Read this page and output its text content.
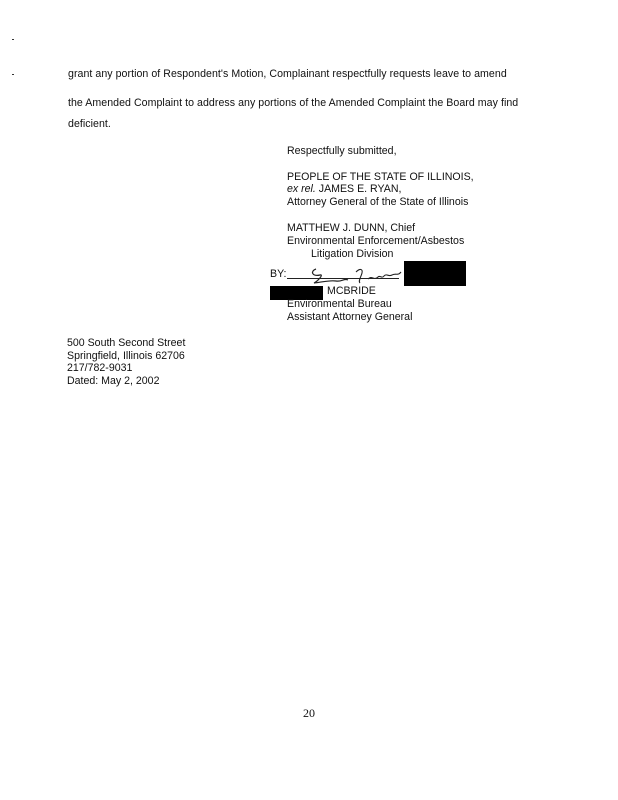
grant any portion of Respondent's Motion, Complainant respectfully requests leave to amend
the Amended Complaint to address any portions of the Amended Complaint the Board may find
deficient.
Respectfully submitted,
PEOPLE OF THE STATE OF ILLINOIS,
ex rel. JAMES E. RYAN,
Attorney General of the State of Illinois
MATTHEW J. DUNN, Chief
Environmental Enforcement/Asbestos
Litigation Division
BY:
MCBRIDE
Environmental Bureau
Assistant Attorney General
500 South Second Street
Springfield, Illinois 62706
217/782-9031
Dated: May 2, 2002
20
